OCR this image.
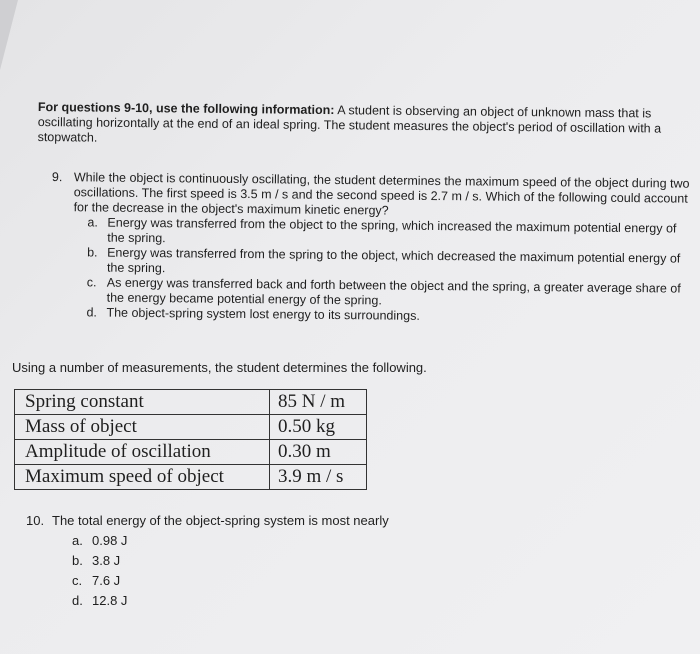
For questions 9-10, use the following information: A student is observing an object of unknown mass that is oscillating horizontally at the end of an ideal spring. The student measures the object's period of oscillation with a stopwatch.
9. While the object is continuously oscillating, the student determines the maximum speed of the object during two oscillations. The first speed is 3.5 m / s and the second speed is 2.7 m / s. Which of the following could account for the decrease in the object's maximum kinetic energy?
a. Energy was transferred from the object to the spring, which increased the maximum potential energy of the spring.
b. Energy was transferred from the spring to the object, which decreased the maximum potential energy of the spring.
c. As energy was transferred back and forth between the object and the spring, a greater average share of the energy became potential energy of the spring.
d. The object-spring system lost energy to its surroundings.
Using a number of measurements, the student determines the following.
Spring constant	85 N / m
Mass of object	0.50 kg
Amplitude of oscillation	0.30 m
Maximum speed of object	3.9 m / s
10. The total energy of the object-spring system is most nearly
a. 0.98 J
b. 3.8 J
c. 7.6 J
d. 12.8 J
